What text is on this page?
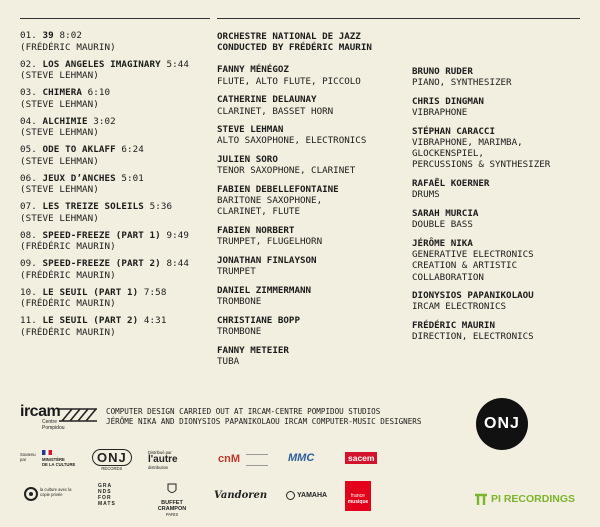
01. 39 8:02
(FRÉDÉRIC MAURIN)
02. LOS ANGELES IMAGINARY 5:44
(STEVE LEHMAN)
03. CHIMERA 6:10
(STEVE LEHMAN)
04. ALCHIMIE 3:02
(STEVE LEHMAN)
05. ODE TO AKLAFF 6:24
(STEVE LEHMAN)
06. JEUX D’ANCHES 5:01
(STEVE LEHMAN)
07. LES TREIZE SOLEILS 5:36
(STEVE LEHMAN)
08. SPEED-FREEZE (PART 1) 9:49
(FRÉDÉRIC MAURIN)
09. SPEED-FREEZE (PART 2) 8:44
(FRÉDÉRIC MAURIN)
10. LE SEUIL (PART 1) 7:58
(FRÉDÉRIC MAURIN)
11. LE SEUIL (PART 2) 4:31
(FRÉDÉRIC MAURIN)
ORCHESTRE NATIONAL DE JAZZ
CONDUCTED BY FRÉDÉRIC MAURIN
FANNY MÉNÉGOZ
FLUTE, ALTO FLUTE, PICCOLO
CATHERINE DELAUNAY
CLARINET, BASSET HORN
STEVE LEHMAN
ALTO SAXOPHONE, ELECTRONICS
JULIEN SORO
TENOR SAXOPHONE, CLARINET
FABIEN DEBELLEFONTAINE
BARITONE SAXOPHONE,
CLARINET, FLUTE
FABIEN NORBERT
TRUMPET, FLUGELHORN
JONATHAN FINLAYSON
TRUMPET
DANIEL ZIMMERMANN
TROMBONE
CHRISTIANE BOPP
TROMBONE
FANNY METEIER
TUBA
BRUNO RUDER
PIANO, SYNTHESIZER
CHRIS DINGMAN
VIBRAPHONE
STÉPHAN CARACCI
VIBRAPHONE, MARIMBA,
GLOCKENSPIEL,
PERCUSSIONS & SYNTHESIZER
RAFAËL KOERNER
DRUMS
SARAH MURCIA
DOUBLE BASS
JÉRÔME NIKA
GENERATIVE ELECTRONICS
CREATION & ARTISTIC
COLLABORATION
DIONYSIOS PAPANIKOLAOU
IRCAM ELECTRONICS
FRÉDÉRIC MAURIN
DIRECTION, ELECTRONICS
ircam
Centre
Pompidou
COMPUTER DESIGN CARRIED OUT AT IRCAM-CENTRE POMPIDOU STUDIOS
JÉRÔME NIKA AND DIONYSIOS PAPANIKOLAOU IRCAM COMPUTER-MUSIC DESIGNERS	ONJ
Soutenu par	MINISTÈRE
DE LA CULTURE	ONJ
RECORDS
Distribué par
l'autre
distribution
cnM	MMC	sacem
la culture avec la copie privée
GRA
NDS
FOR
MATS	BUFFET
CRAMPON
PARIS
Vandoren	YAMAHA	france
musique	PI RECORDINGS
